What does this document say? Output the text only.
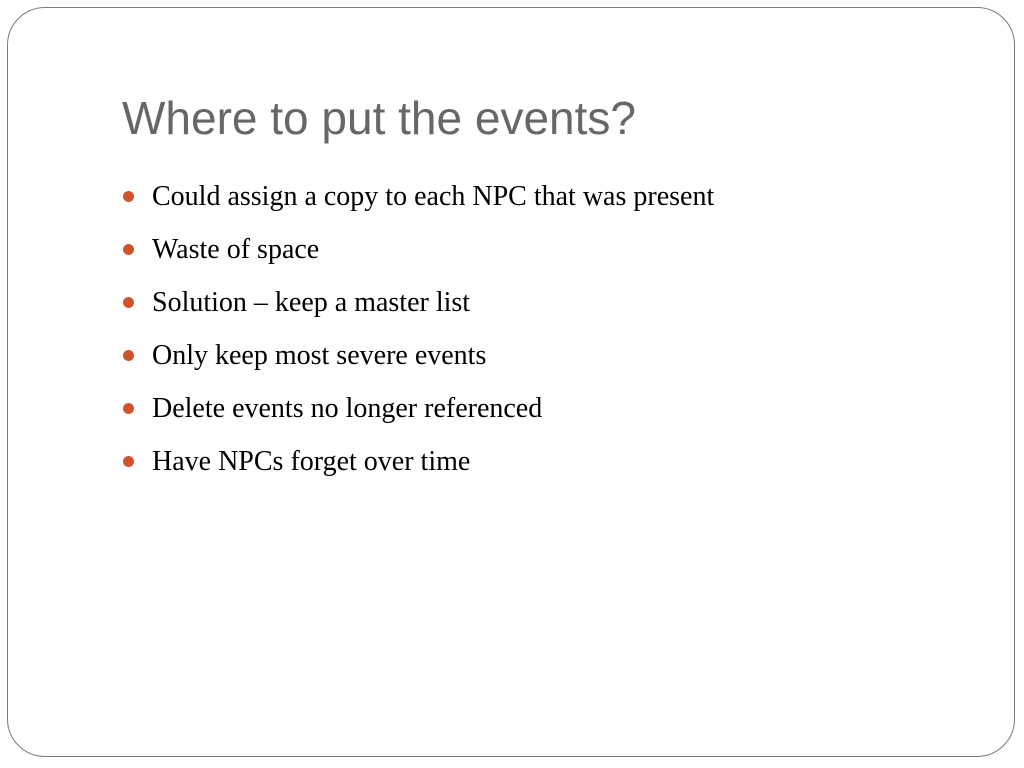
Where to put the events?
Could assign a copy to each NPC that was present
Waste of space
Solution – keep a master list
Only keep most severe events
Delete events no longer referenced
Have NPCs forget over time
